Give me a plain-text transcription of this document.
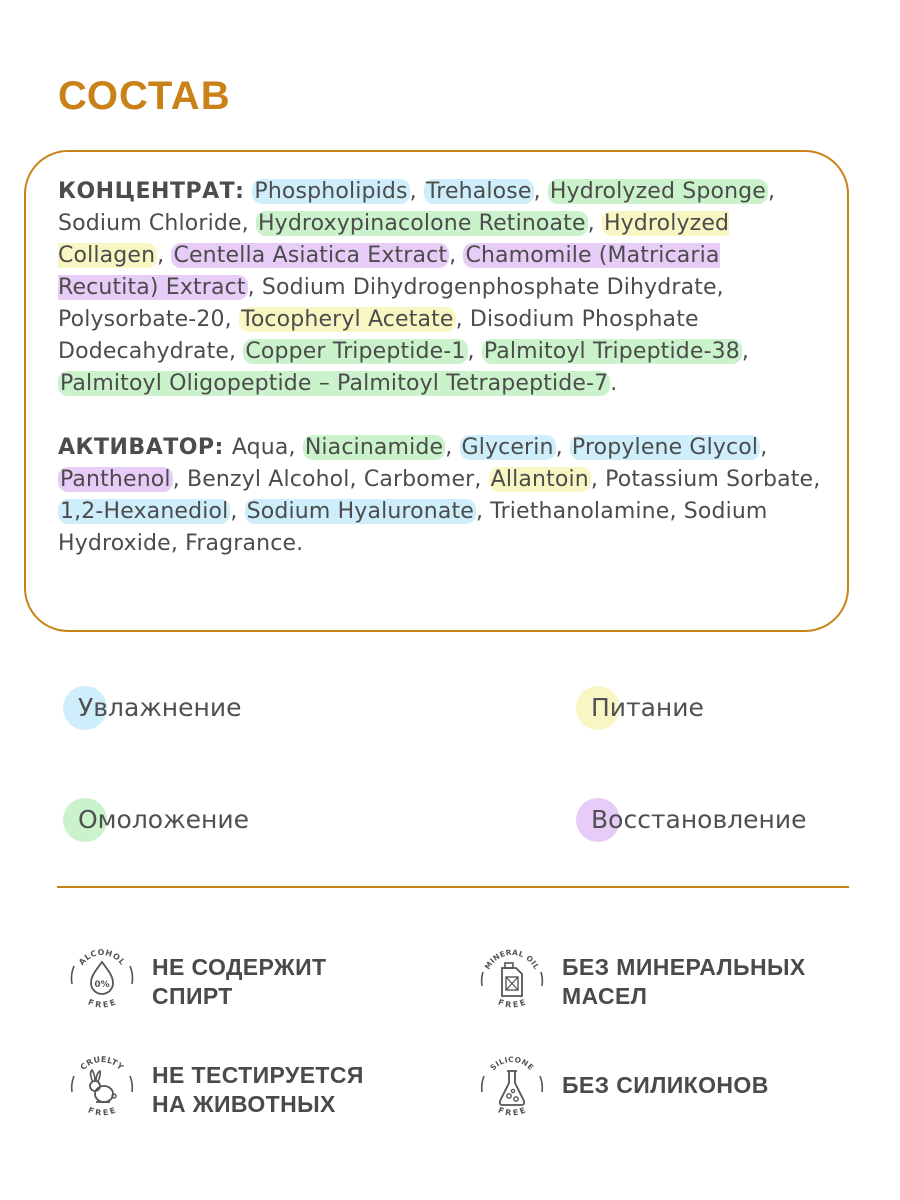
СОСТАВ

КОНЦЕНТРАТ: Phospholipids, Trehalose, Hydrolyzed Sponge, Sodium Chloride, Hydroxypinacolone Retinoate, Hydrolyzed Collagen, Centella Asiatica Extract, Chamomile (Matricaria Recutita) Extract, Sodium Dihydrogenphosphate Dihydrate, Polysorbate-20, Tocopheryl Acetate, Disodium Phosphate Dodecahydrate, Copper Tripeptide-1, Palmitoyl Tripeptide-38, Palmitoyl Oligopeptide – Palmitoyl Tetrapeptide-7.

АКТИВАТОР: Aqua, Niacinamide, Glycerin, Propylene Glycol, Panthenol, Benzyl Alcohol, Carbomer, Allantoin, Potassium Sorbate, 1,2-Hexanediol, Sodium Hyaluronate, Triethanolamine, Sodium Hydroxide, Fragrance.

Увлажнение	Питание
Омоложение	Восстановление
ALCOHOL
FREE
0%
НЕ СОДЕРЖИТ
СПИРТ
MINERAL OIL
FREE
БЕЗ МИНЕРАЛЬНЫХ
МАСЕЛ
CRUELTY
FREE
НЕ ТЕСТИРУЕТСЯ
НА ЖИВОТНЫХ
SILICONE
FREE
БЕЗ СИЛИКОНОВ
